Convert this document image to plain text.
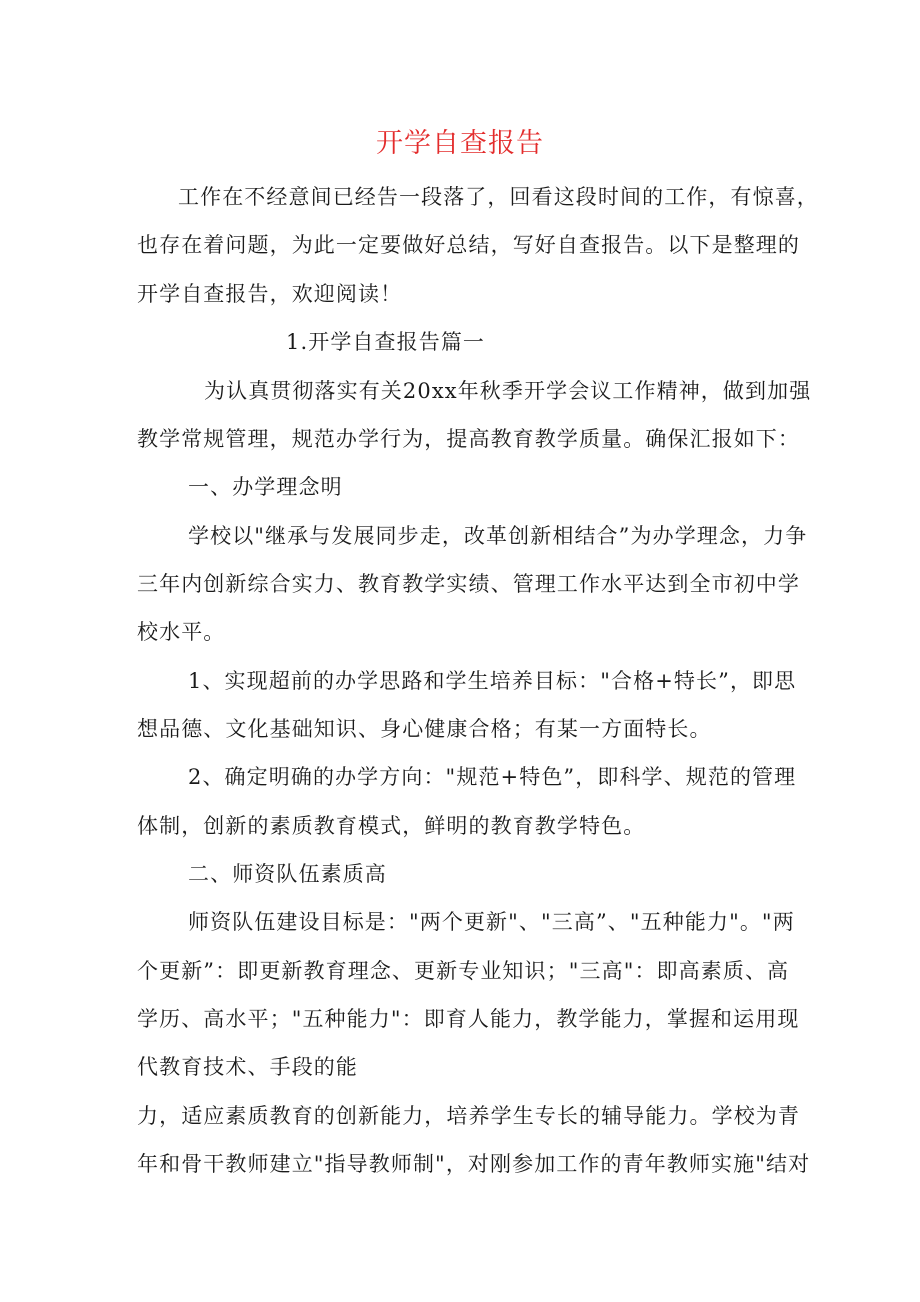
开学自查报告
工作在不经意间已经告一段落了，回看这段时间的工作，有惊喜，
也存在着问题，为此一定要做好总结，写好自查报告。以下是整理的
开学自查报告，欢迎阅读！
1.开学自查报告篇一
为认真贯彻落实有关20xx年秋季开学会议工作精神，做到加强
教学常规管理，规范办学行为，提高教育教学质量。确保汇报如下：
一、办学理念明
学校以"继承与发展同步走，改革创新相结合”为办学理念，力争
三年内创新综合实力、教育教学实绩、管理工作水平达到全市初中学
校水平。
1、实现超前的办学思路和学生培养目标："合格+特长”，即思
想品德、文化基础知识、身心健康合格；有某一方面特长。
2、确定明确的办学方向："规范+特色”，即科学、规范的管理
体制，创新的素质教育模式，鲜明的教育教学特色。
二、师资队伍素质高
师资队伍建设目标是："两个更新"、"三高”、"五种能力"。"两
个更新”：即更新教育理念、更新专业知识；"三高"：即高素质、高
学历、高水平；"五种能力"：即育人能力，教学能力，掌握和运用现
代教育技术、手段的能
力，适应素质教育的创新能力，培养学生专长的辅导能力。学校为青
年和骨干教师建立"指导教师制"，对刚参加工作的青年教师实施"结对
